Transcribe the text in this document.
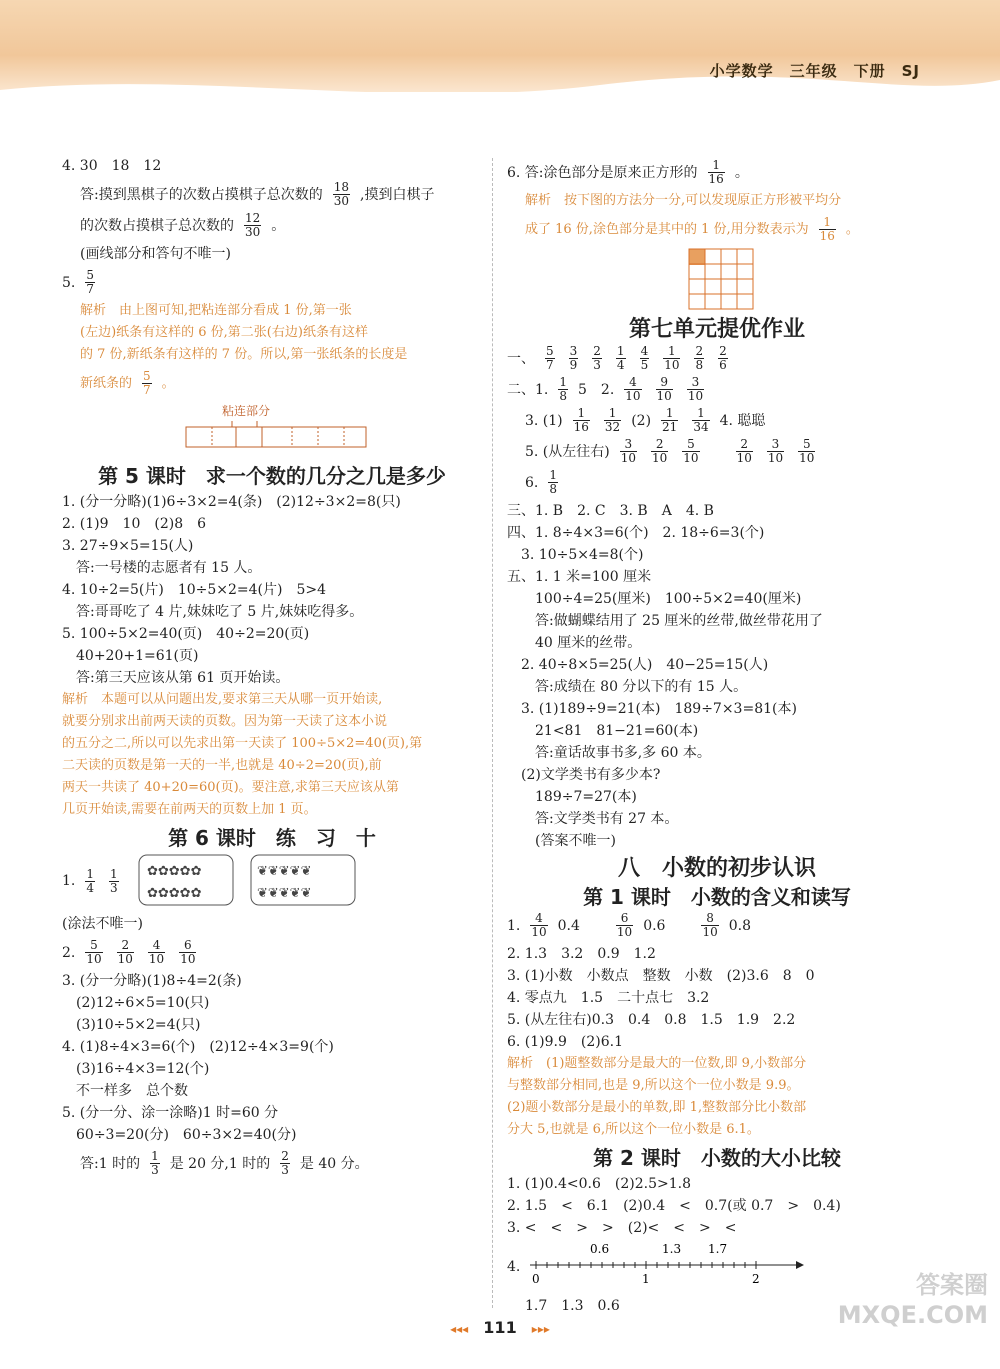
小学数学　三年级　下册　SJ
4. 30　18　12
答:摸到黑棋子的次数占摸棋子总次数的 $\frac{18}{30}$ ,摸到白棋子
的次数占摸棋子总次数的 $\frac{12}{30}$ 。
(画线部分和答句不唯一)
5. $\frac{5}{7}$
解析　由上图可知,把粘连部分看成 1 份,第一张
(左边)纸条有这样的 6 份,第二张(右边)纸条有这样
的 7 份,新纸条有这样的 7 份。所以,第一张纸条的长度是
新纸条的 $\frac{5}{7}$ 。
粘连部分
第 5 课时　求一个数的几分之几是多少
1. (分一分略)(1)6÷3×2=4(条)　(2)12÷3×2=8(只)
2. (1)9　10　(2)8　6
3. 27÷9×5=15(人)
　答:一号楼的志愿者有 15 人。
4. 10÷2=5(片)　10÷5×2=4(片)　5>4
　答:哥哥吃了 4 片,妹妹吃了 5 片,妹妹吃得多。
5. 100÷5×2=40(页)　40÷2=20(页)
　40+20+1=61(页)
　答:第三天应该从第 61 页开始读。
解析　本题可以从问题出发,要求第三天从哪一页开始读,
就要分别求出前两天读的页数。因为第一天读了这本小说
的五分之二,所以可以先求出第一天读了 100÷5×2=40(页),第
二天读的页数是第一天的一半,也就是 40÷2=20(页),前
两天一共读了 40+20=60(页)。要注意,求第三天应该从第
几页开始读,需要在前两天的页数上加 1 页。
第 6 课时　练　习　十
1. $\frac{1}{4} \frac{1}{3}$ ✿✿✿✿✿
✿✿✿✿✿
❦❦❦❦❦
❦❦❦❦❦
(涂法不唯一)
2. $\frac{5}{10} \frac{2}{10} \frac{4}{10} \frac{6}{10}$
3. (分一分略)(1)8÷4=2(条)
　(2)12÷6×5=10(只)
　(3)10÷5×2=4(只)
4. (1)8÷4×3=6(个)　(2)12÷4×3=9(个)
　(3)16÷4×3=12(个)
　不一样多　总个数
5. (分一分、涂一涂略)1 时=60 分
　60÷3=20(分)　60÷3×2=40(分)
答:1 时的 $\frac{1}{3}$ 是 20 分,1 时的 $\frac{2}{3}$ 是 40 分。
6. 答:涂色部分是原来正方形的 $\frac{1}{16}$ 。
解析　按下图的方法分一分,可以发现原正方形被平均分
成了 16 份,涂色部分是其中的 1 份,用分数表示为 $\frac{1}{16}$ 。
第七单元提优作业
一、 $\frac{5}{7} \frac{3}{9} \frac{2}{3} \frac{1}{4} \frac{4}{5} \frac{1}{10} \frac{2}{8} \frac{2}{6}$
二、1. $\frac{1}{8} 5$　2. $\frac{4}{10} \frac{9}{10} \frac{3}{10}$
3. $(1) \frac{1}{16} \frac{1}{32} (2) \frac{1}{21} \frac{1}{34} 4$. 聪聪
5. (从左往右) $\frac{3}{10} \frac{2}{10} \frac{5}{10}$	$\frac{2}{10} \frac{3}{10} \frac{5}{10}$
6. $\frac{1}{8}$
三、1. B　2. C　3. B　A　4. B
四、1. 8÷4×3=6(个)　2. 18÷6=3(个)
　3. 10÷5×4=8(个)
五、1. 1 米=100 厘米
　　100÷4=25(厘米)　100÷5×2=40(厘米)
　　答:做蝴蝶结用了 25 厘米的丝带,做丝带花用了
　　40 厘米的丝带。
　2. 40÷8×5=25(人)　40−25=15(人)
　　答:成绩在 80 分以下的有 15 人。
　3. (1)189÷9=21(本)　189÷7×3=81(本)
　　21<81　81−21=60(本)
　　答:童话故事书多,多 60 本。
　(2)文学类书有多少本?
　　189÷7=27(本)
　　答:文学类书有 27 本。
　　(答案不唯一)
八　小数的初步认识
第 1 课时　小数的含义和读写
1. $\frac{4}{10} 0.4$	$\frac{6}{10} 0.6$	$\frac{8}{10} 0.8$
2. 1.3　3.2　0.9　1.2
3. (1)小数　小数点　整数　小数　(2)3.6　8　0
4. 零点九　1.5　二十点七　3.2
5. (从左往右)0.3　0.4　0.8　1.5　1.9　2.2
6. (1)9.9　(2)6.1
解析　(1)题整数部分是最大的一位数,即 9,小数部分
与整数部分相同,也是 9,所以这个一位小数是 9.9。
(2)题小数部分是最小的单数,即 1,整数部分比小数部
分大 5,也就是 6,所以这个一位小数是 6.1。
第 2 课时　小数的大小比较
1. (1)0.4<0.6　(2)2.5>1.8
2. 1.5　<　6.1　(2)0.4　<　0.7(或 0.7　>　0.4)
3. <　<　>　>　(2)<　<　>　<
4.
0.6	1.3 1.7
0	1	2
1.7　1.3　0.6
◂◂◂ 111 ▸▸▸
答案圈
MXQE.COM
